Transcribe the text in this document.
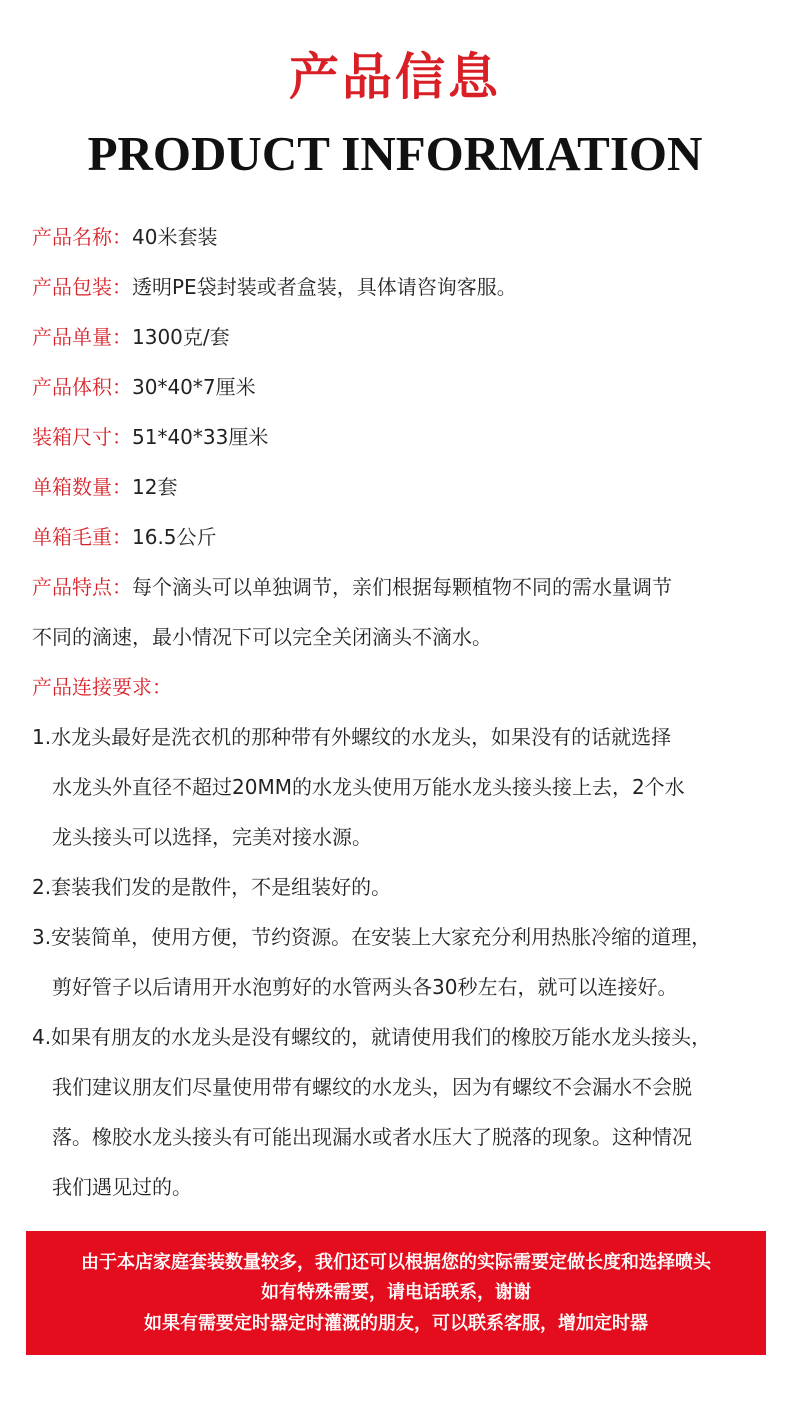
产品信息
PRODUCT INFORMATION
产品名称：40米套装
产品包装：透明PE袋封装或者盒装，具体请咨询客服。
产品单量：1300克/套
产品体积：30*40*7厘米
装箱尺寸：51*40*33厘米
单箱数量：12套
单箱毛重：16.5公斤
产品特点：每个滴头可以单独调节，亲们根据每颗植物不同的需水量调节
不同的滴速，最小情况下可以完全关闭滴头不滴水。
产品连接要求：
1.水龙头最好是洗衣机的那种带有外螺纹的水龙头，如果没有的话就选择
水龙头外直径不超过20MM的水龙头使用万能水龙头接头接上去，2个水
龙头接头可以选择，完美对接水源。
2.套装我们发的是散件，不是组装好的。
3.安装简单，使用方便，节约资源。在安装上大家充分利用热胀冷缩的道理，
剪好管子以后请用开水泡剪好的水管两头各30秒左右，就可以连接好。
4.如果有朋友的水龙头是没有螺纹的，就请使用我们的橡胶万能水龙头接头，
我们建议朋友们尽量使用带有螺纹的水龙头，因为有螺纹不会漏水不会脱
落。橡胶水龙头接头有可能出现漏水或者水压大了脱落的现象。这种情况
我们遇见过的。
由于本店家庭套装数量较多，我们还可以根据您的实际需要定做长度和选择喷头
如有特殊需要，请电话联系，谢谢
如果有需要定时器定时灌溉的朋友，可以联系客服，增加定时器
